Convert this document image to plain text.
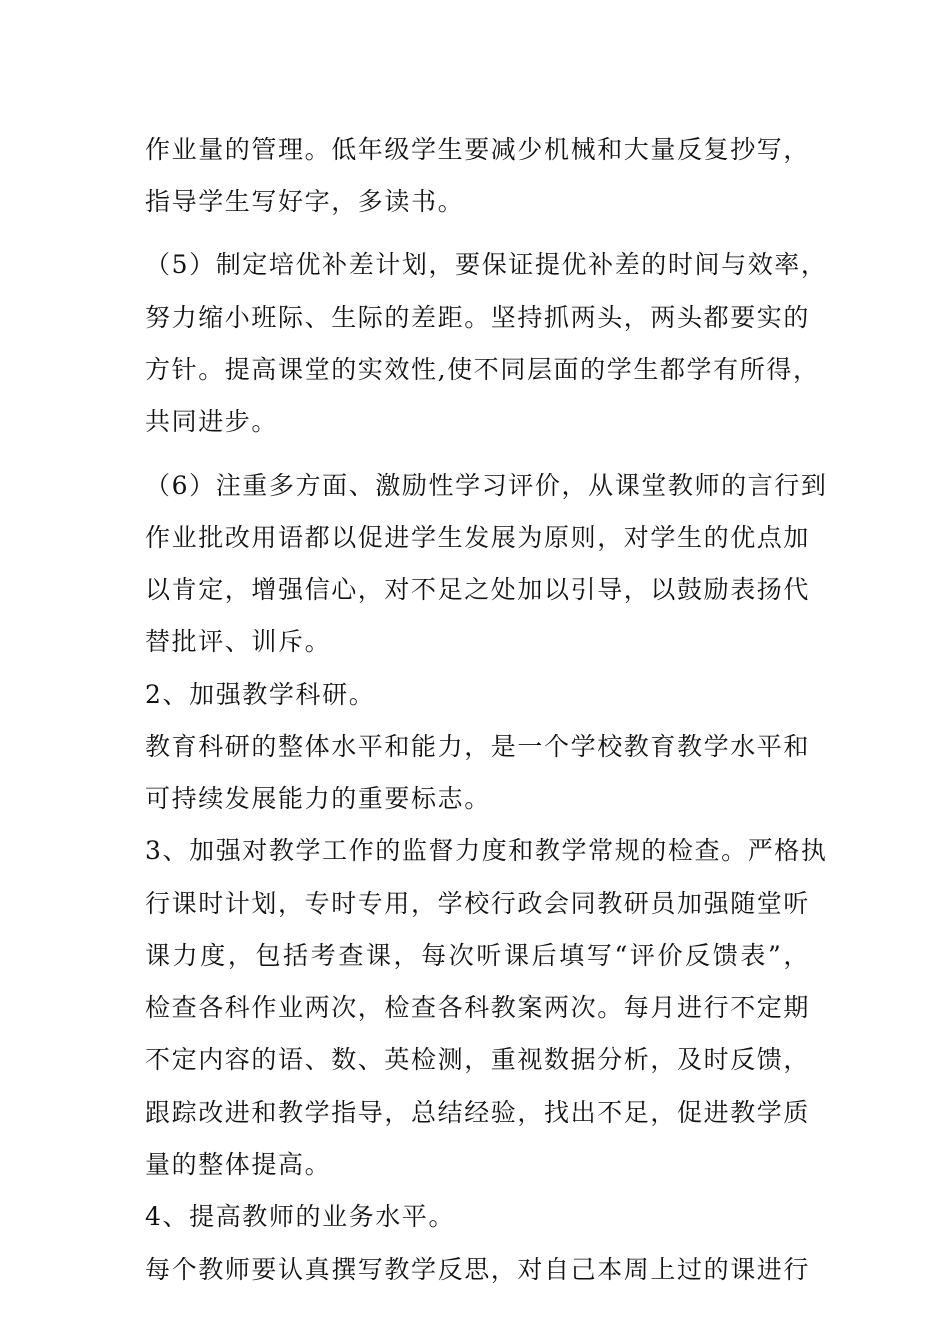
作业量的管理。低年级学生要减少机械和大量反复抄写，
指导学生写好字，多读书。
（5）制定培优补差计划，要保证提优补差的时间与效率，
努力缩小班际、生际的差距。坚持抓两头，两头都要实的
方针。提高课堂的实效性,使不同层面的学生都学有所得，
共同进步。
（6）注重多方面、激励性学习评价，从课堂教师的言行到
作业批改用语都以促进学生发展为原则，对学生的优点加
以肯定，增强信心，对不足之处加以引导，以鼓励表扬代
替批评、训斥。
2、加强教学科研。
教育科研的整体水平和能力，是一个学校教育教学水平和
可持续发展能力的重要标志。
3、加强对教学工作的监督力度和教学常规的检查。严格执
行课时计划，专时专用，学校行政会同教研员加强随堂听
课力度，包括考查课，每次听课后填写“评价反馈表”，
检查各科作业两次，检查各科教案两次。每月进行不定期
不定内容的语、数、英检测，重视数据分析，及时反馈，
跟踪改进和教学指导，总结经验，找出不足，促进教学质
量的整体提高。
4、提高教师的业务水平。
每个教师要认真撰写教学反思，对自己本周上过的课进行
